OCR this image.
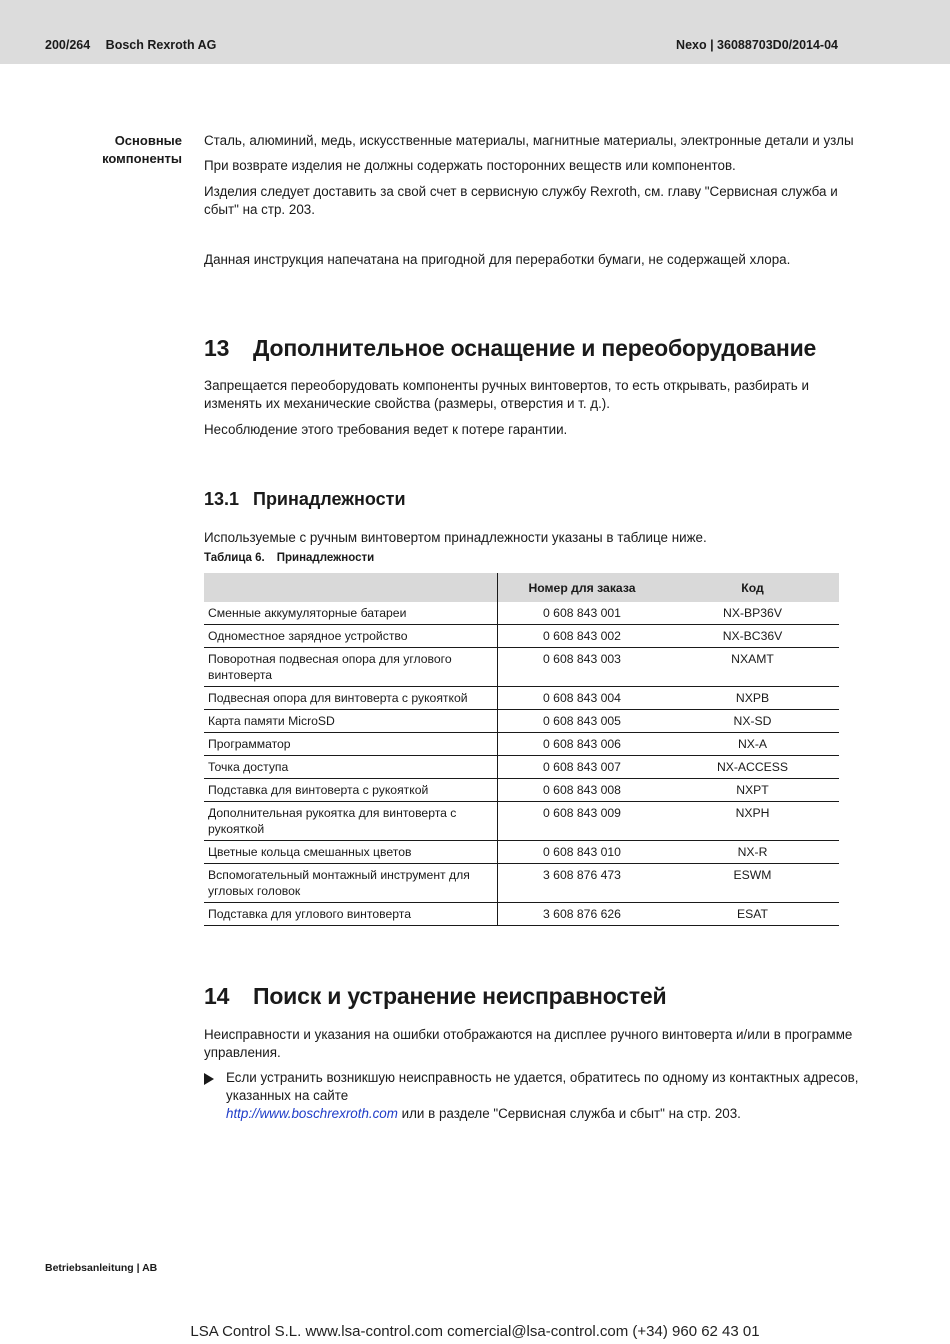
200/264 Bosch Rexroth AG	Nexo | 36088703D0/2014-04
Основные
компоненты
Сталь, алюминий, медь, искусственные материалы, магнитные материалы, электронные детали и узлы
При возврате изделия не должны содержать посторонних веществ или компонентов.
Изделия следует доставить за свой счет в сервисную службу Rexroth, см. главу "Сервисная служба и
сбыт" на стр. 203.
Данная инструкция напечатана на пригодной для переработки бумаги, не содержащей хлора.
13 Дополнительное оснащение и переоборудование
Запрещается переоборудовать компоненты ручных винтовертов, то есть открывать, разбирать и
изменять их механические свойства (размеры, отверстия и т. д.).
Несоблюдение этого требования ведет к потере гарантии.
13.1 Принадлежности
Используемые с ручным винтовертом принадлежности указаны в таблице ниже.
Таблица 6. Принадлежности
	Номер для заказа	Код
Сменные аккумуляторные батареи	0 608 843 001	NX-BP36V
Одноместное зарядное устройство	0 608 843 002	NX-BC36V
Поворотная подвесная опора для углового винтоверта	0 608 843 003	NXAMT
Подвесная опора для винтоверта с рукояткой	0 608 843 004	NXPB
Карта памяти MicroSD	0 608 843 005	NX-SD
Программатор	0 608 843 006	NX-A
Точка доступа	0 608 843 007	NX-ACCESS
Подставка для винтоверта с рукояткой	0 608 843 008	NXPT
Дополнительная рукоятка для винтоверта с рукояткой	0 608 843 009	NXPH
Цветные кольца смешанных цветов	0 608 843 010	NX-R
Вспомогательный монтажный инструмент для угловых головок	3 608 876 473	ESWM
Подставка для углового винтоверта	3 608 876 626	ESAT
14 Поиск и устранение неисправностей
Неисправности и указания на ошибки отображаются на дисплее ручного винтоверта и/или в программе
управления.
Если устранить возникшую неисправность не удается, обратитесь по одному из контактных адресов,
указанных на сайте
http://www.boschrexroth.com или в разделе "Сервисная служба и сбыт" на стр. 203.
Betriebsanleitung | AB
LSA Control S.L. www.lsa-control.com comercial@lsa-control.com (+34) 960 62 43 01
